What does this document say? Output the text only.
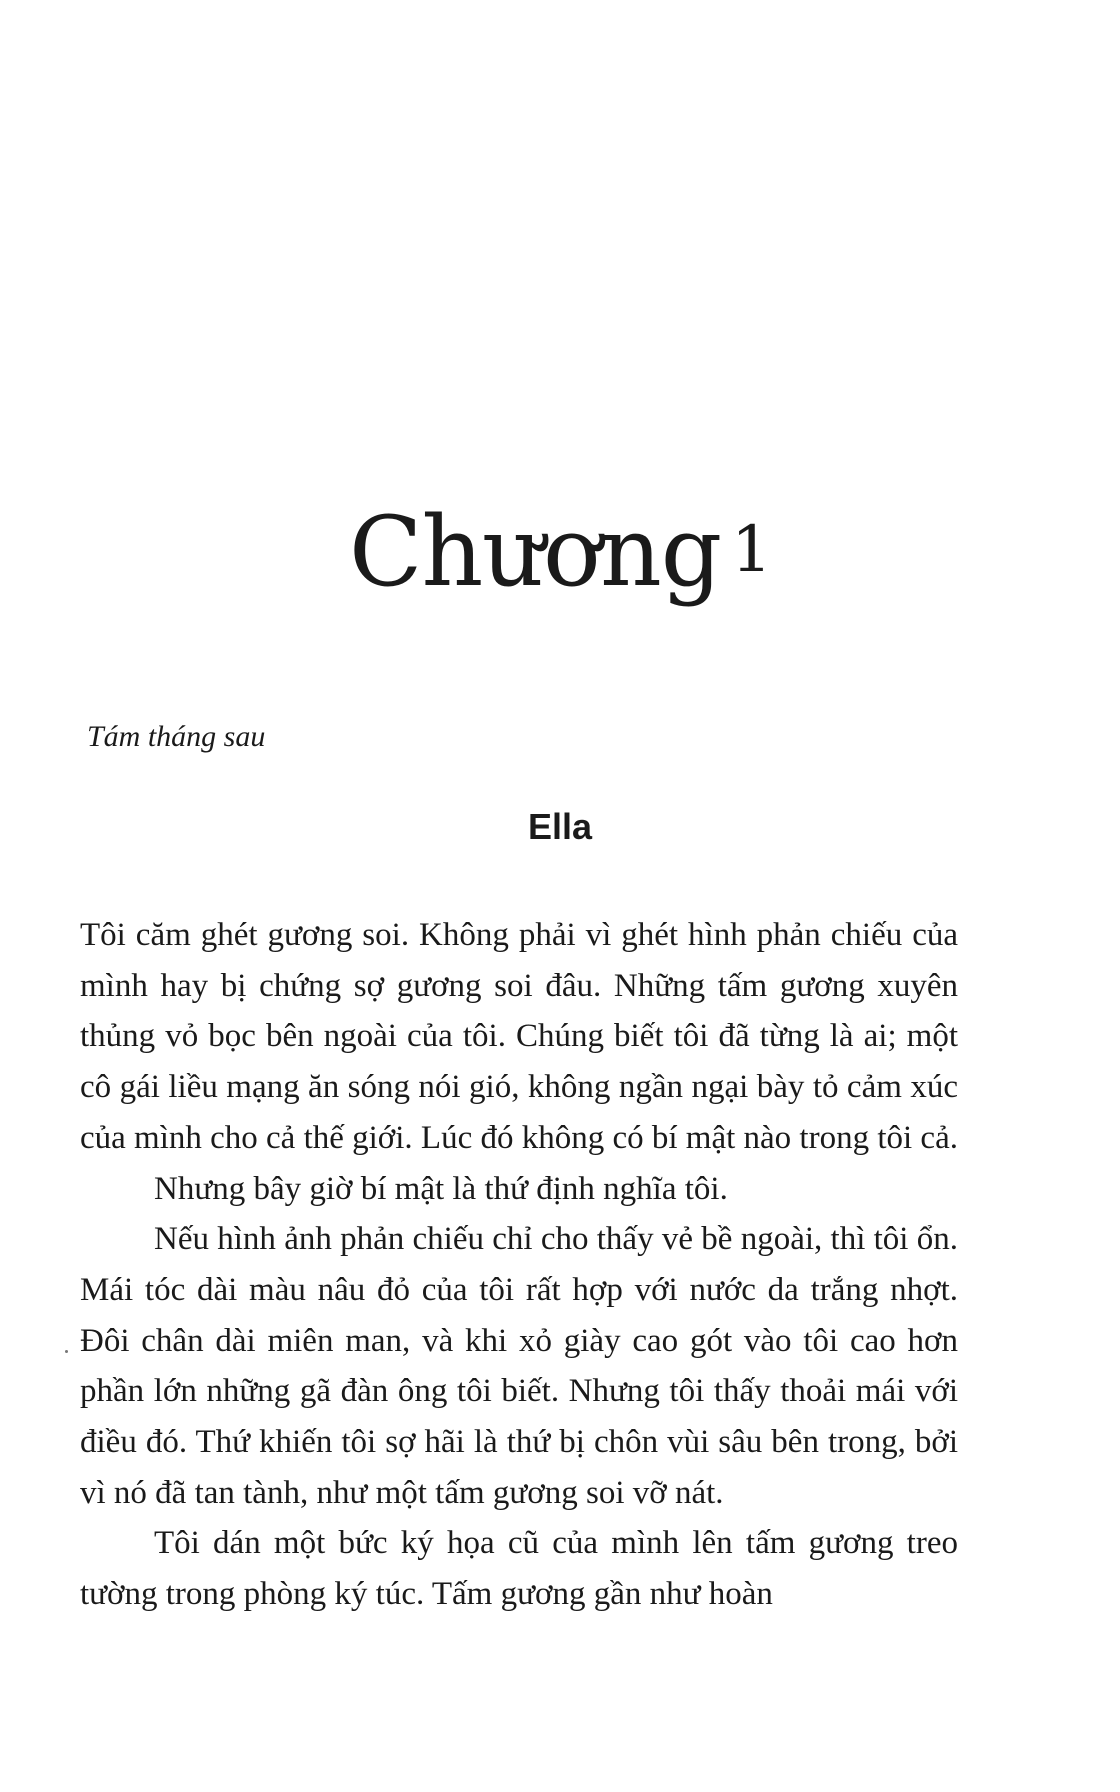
Chương 1
Tám tháng sau
Ella

Tôi căm ghét gương soi. Không phải vì ghét hình phản chiếu của mình hay bị chứng sợ gương soi đâu. Những tấm gương xuyên thủng vỏ bọc bên ngoài của tôi. Chúng biết tôi đã từng là ai; một cô gái liều mạng ăn sóng nói gió, không ngần ngại bày tỏ cảm xúc của mình cho cả thế giới. Lúc đó không có bí mật nào trong tôi cả.

Nhưng bây giờ bí mật là thứ định nghĩa tôi.

Nếu hình ảnh phản chiếu chỉ cho thấy vẻ bề ngoài, thì tôi ổn. Mái tóc dài màu nâu đỏ của tôi rất hợp với nước da trắng nhợt. Đôi chân dài miên man, và khi xỏ giày cao gót vào tôi cao hơn phần lớn những gã đàn ông tôi biết. Nhưng tôi thấy thoải mái với điều đó. Thứ khiến tôi sợ hãi là thứ bị chôn vùi sâu bên trong, bởi vì nó đã tan tành, như một tấm gương soi vỡ nát.

Tôi dán một bức ký họa cũ của mình lên tấm gương treo tường trong phòng ký túc. Tấm gương gần như hoàn
